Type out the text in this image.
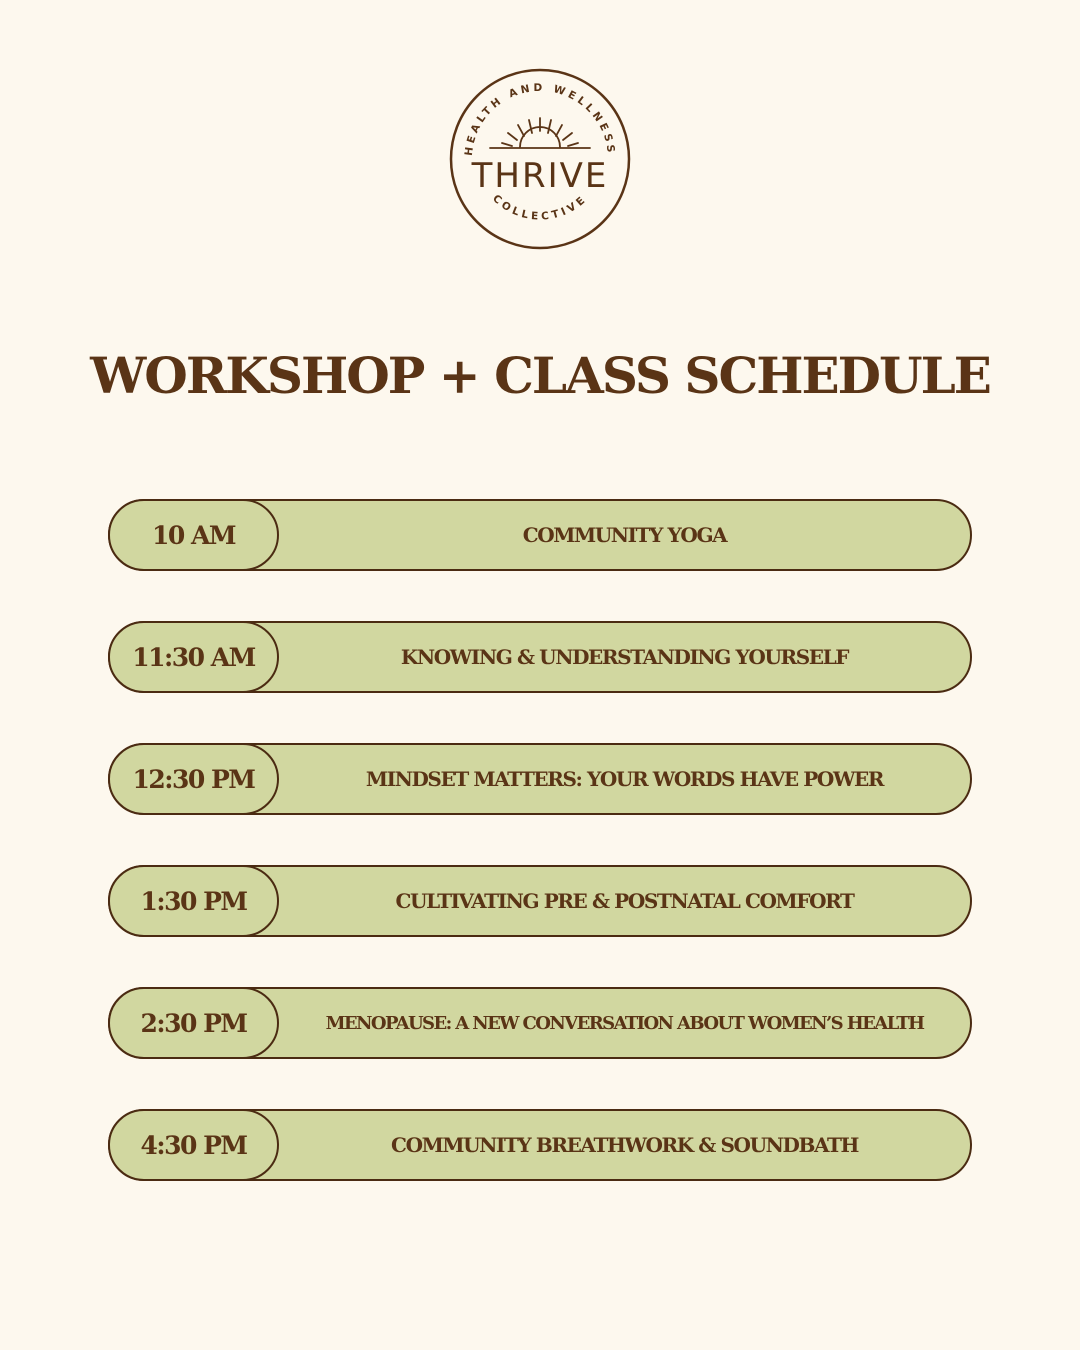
HEALTH AND WELLNESS
COLLECTIVE
THRIVE
WORKSHOP + CLASS SCHEDULE
10 AM	COMMUNITY YOGA
11:30 AM	KNOWING & UNDERSTANDING YOURSELF
12:30 PM	MINDSET MATTERS: YOUR WORDS HAVE POWER
1:30 PM	CULTIVATING PRE & POSTNATAL COMFORT
2:30 PM	MENOPAUSE: A NEW CONVERSATION ABOUT WOMEN’S HEALTH
4:30 PM	COMMUNITY BREATHWORK & SOUNDBATH
